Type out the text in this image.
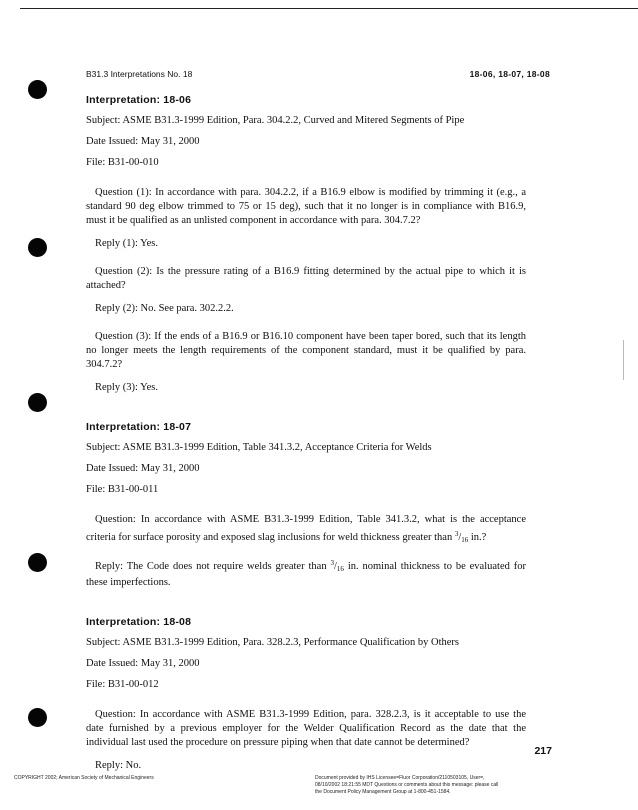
B31.3 Interpretations No. 18	18-06, 18-07, 18-08
Interpretation: 18-06
Subject: ASME B31.3-1999 Edition, Para. 304.2.2, Curved and Mitered Segments of Pipe
Date Issued: May 31, 2000
File: B31-00-010
Question (1): In accordance with para. 304.2.2, if a B16.9 elbow is modified by trimming it (e.g., a standard 90 deg elbow trimmed to 75 or 15 deg), such that it no longer is in compliance with B16.9, must it be qualified as an unlisted component in accordance with para. 304.7.2?
Reply (1): Yes.
Question (2): Is the pressure rating of a B16.9 fitting determined by the actual pipe to which it is attached?
Reply (2): No. See para. 302.2.2.
Question (3): If the ends of a B16.9 or B16.10 component have been taper bored, such that its length no longer meets the length requirements of the component standard, must it be qualified by para. 304.7.2?
Reply (3): Yes.
Interpretation: 18-07
Subject: ASME B31.3-1999 Edition, Table 341.3.2, Acceptance Criteria for Welds
Date Issued: May 31, 2000
File: B31-00-011
Question: In accordance with ASME B31.3-1999 Edition, Table 341.3.2, what is the acceptance criteria for surface porosity and exposed slag inclusions for weld thickness greater than $^3/_{16}$ in.?
Reply: The Code does not require welds greater than $^3/_{16}$ in. nominal thickness to be evaluated for these imperfections.
Interpretation: 18-08
Subject: ASME B31.3-1999 Edition, Para. 328.2.3, Performance Qualification by Others
Date Issued: May 31, 2000
File: B31-00-012
Question: In accordance with ASME B31.3-1999 Edition, para. 328.2.3, is it acceptable to use the date furnished by a previous employer for the Welder Qualification Record as the date that the individual last used the procedure on pressure piping when that date cannot be determined?
Reply: No.
217
COPYRIGHT 2002; American Society of Mechanical Engineers	Document provided by IHS Licensee=Fluor Corporation/2110503105, User=,
08/10/2002 18:21:55 MDT Questions or comments about this message: please call
the Document Policy Management Group at 1-800-451-1584.
